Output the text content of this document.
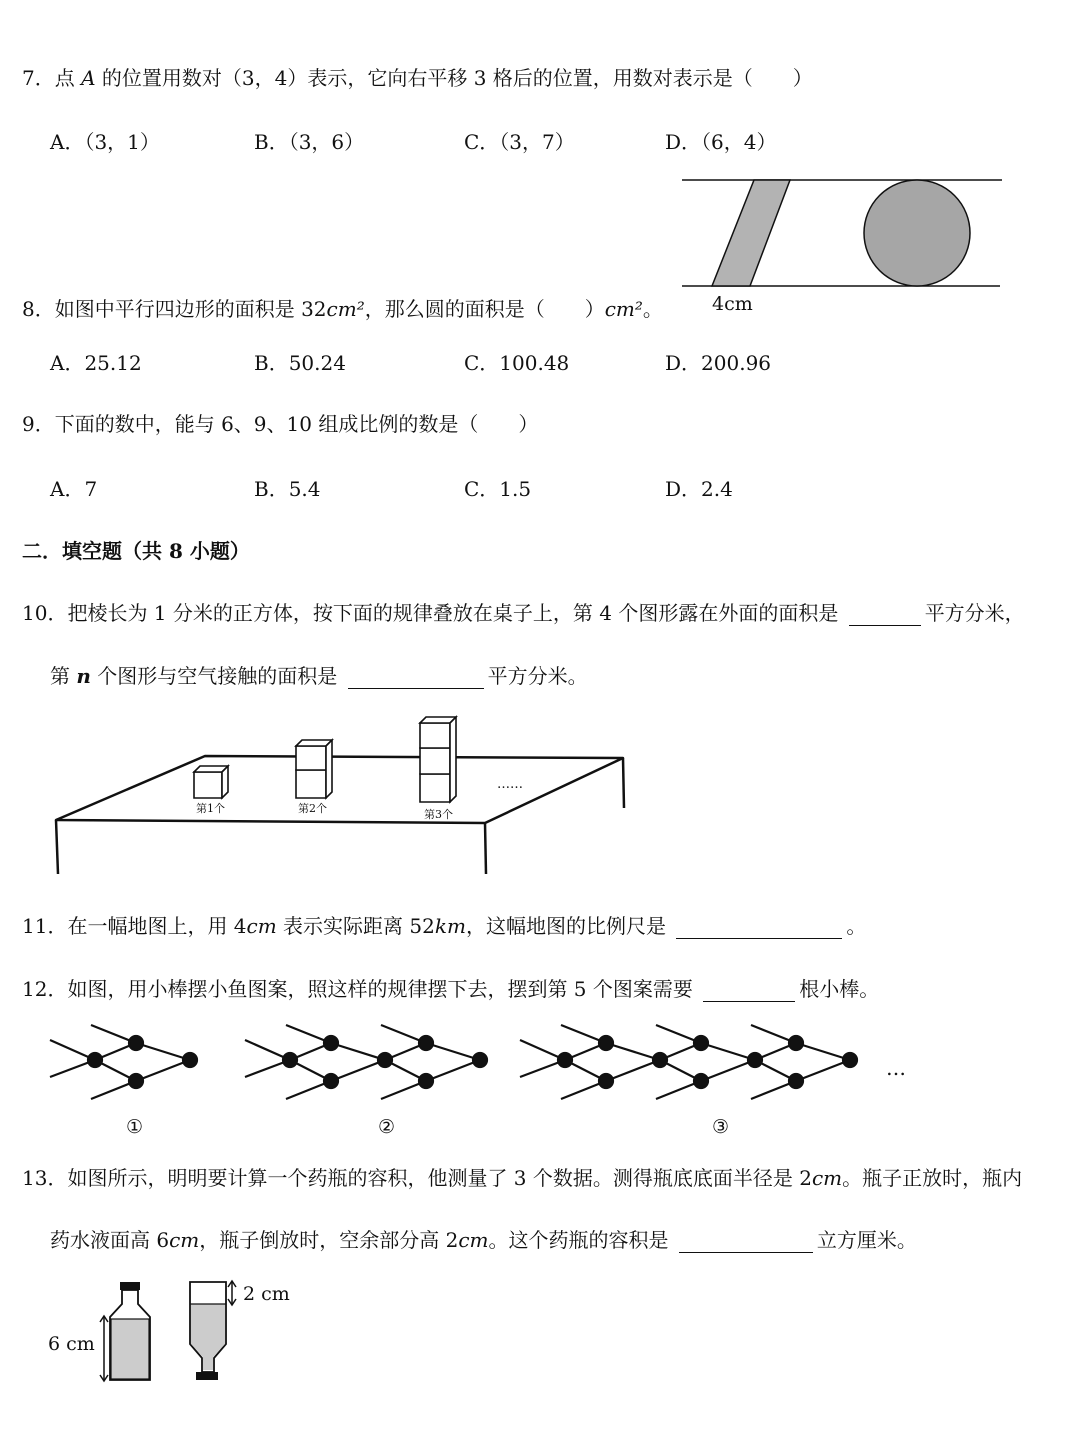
7．点 A 的位置用数对（3，4）表示，它向右平移 3 格后的位置，用数对表示是（　　）
A．（3，1）	B．（3，6）	C．（3，7）	D．（6，4）
4cm
8．如图中平行四边形的面积是 32cm²，那么圆的面积是（　　）cm²。
A．25.12	B．50.24	C．100.48	D．200.96
9．下面的数中，能与 6、9、10 组成比例的数是（　　）
A．7	B．5.4	C．1.5	D．2.4
二．填空题（共 8 小题）
10．把棱长为 1 分米的正方体，按下面的规律叠放在桌子上，第 4 个图形露在外面的面积是	平方分米，
第 n 个图形与空气接触的面积是	平方分米。
第1个	第2个	第3个
……
11．在一幅地图上，用 4cm 表示实际距离 52km，这幅地图的比例尺是	。
12．如图，用小棒摆小鱼图案，照这样的规律摆下去，摆到第 5 个图案需要	根小棒。
①	②	③
…
13．如图所示，明明要计算一个药瓶的容积，他测量了 3 个数据。测得瓶底底面半径是 2cm。瓶子正放时，瓶内
药水液面高 6cm，瓶子倒放时，空余部分高 2cm。这个药瓶的容积是	立方厘米。
6 cm
2 cm
